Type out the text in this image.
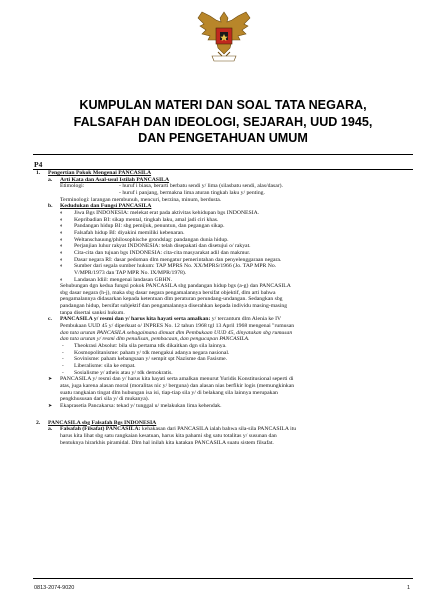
KUMPULAN MATERI DAN SOAL TATA NEGARA,
FALSAFAH DAN IDEOLOGI, SEJARAH, UUD 1945,
DAN PENGETAHUAN UMUM
P4
1. Pengertian Pokok Mengenai PANCASILA
a. Arti Kata dan Asal-usul Istilah PANCASILA
Etimologi:	- huruf i biasa, berarti berbatu sendi y/ lima (silasbatu sendi, alas/dasar).
- huruf i panjang, bermakna lima aturan tingkah laku y/ penting.
Terminologi: larangan membunuh, mencuri, berzina, minum, berdusta.
b. Kedudukan dan Fungsi PANCASILA
◐ Jiwa Bgs INDONESIA: melekat erat pada aktivitas kehidupan bgs INDONESIA.
◐ Kepribadian BI: sikap mental, tingkah laku, amal jadi ciri khas.
◐ Pandangan hidup BI: sbg pemijuk, penuntun, dan pegangan sikap.
◐ Falsafah hidup BI: diyakini memiliki kebenaran.
◐ Weltanschauung/philosophische grondslag: pandangan dunia hidup.
◐ Perjanjian luhur rakyat INDONESIA: telah disepakati dan disetujui o/ rakyat.
◐ Cita-cita dan tujuan bgs INDONESIA: cita-cita masyarakat adil dan makmur.
◐ Dasar negara RI: dasar pedoman dlm mengatur pemerintahan dan penyelenggaraan negara.
◐ Sumber dari segala sumber hukum: TAP MPRS No. XX/MPRS/1966 (Jo. TAP MPR No.
V/MPR/1973 dan TAP MPR No. IX/MPR/1978).
◐ Landasan Idiil: mengenai landasan GBHN.
Sehubungan dgn kedua fungsi pokok PANCASILA sbg pandangan hidup bgs (a-g) dan PANCASILA
sbg dasar negara (h-j), maka sbg dasar negara pengamalannya bersifat objektif, dlm arti bahwa
pengamalannya didasarkan kepada ketentuan dlm peraturan perundang-undangan. Sedangkan sbg
pandangan hidup, bersifat subjektif dan pengamalannya diserahkan kepada individu masing-masing
tanpa disertai sanksi hukum.
c. PANCASILA y/ resmi dan y/ harus kita hayati serta amalkan: y/ tercantum dlm Alenia ke IV
Pembukaan UUD 45 y/ diperkuat o/ INPRES No. 12 tahun 1968 tgl 13 April 1968 mengenai "rumusan
dan tata urutan PANCASILA sebagaimana dimuat dlm Pembukaan UUD 45, dinyatakan sbg rumusan
dan tata urutan y/ resmi dlm penulisan, pembacaan, dan pengucapan PANCASILA.
- Theokrasi Absolut: bila sila pertama tdk dikaitkan dgn sila lainnya.
- Kosmopolitanisme: paham y/ tdk mengakui adanya negara nasional.
- Sovinisme: paham kebangsaan y/ sempit spt Nazisme dan Fasisme.
- Liberalisme: sila ke empat.
- Sosialisme y/ atheis atau y/ tdk demokratis.
➤ PANCASILA y/ resmi dan y/ harus kita hayati serta amalkan menurut Yuridis Konstitusional seperti di
atas, juga karena alasan moral (moralitas nic y/ berguna) dan alasan nias berfikir logis (memungkinkan
suatu rangkaian tingat dlm hubungan isa isi, tiap-tiap sila y/ di belakang sila lainnya merupakan
pengkhususan dari sila y/ di mukanya).
➤ Ekaprasetia Pancakarsa: tekad y/ tunggal u/ melakukan lima kehendak.
2. PANCASILA sbg Falsafah Bgs INDONESIA
a. Falsafah (Filsafat) PANCASILA: kehakasan dari PANCASILA ialah bahwa sila-sila PANCASILA itu
harus kita lihat sbg satu rangkaian kesatuan, harus kita pahami sbg satu totalitas y/ susunan dan
bentuknya hirarkhis piramidal. Dlm hal inilah kita katakan PANCASILA suatu sistem filsafat.
0813-2074-9020	1
